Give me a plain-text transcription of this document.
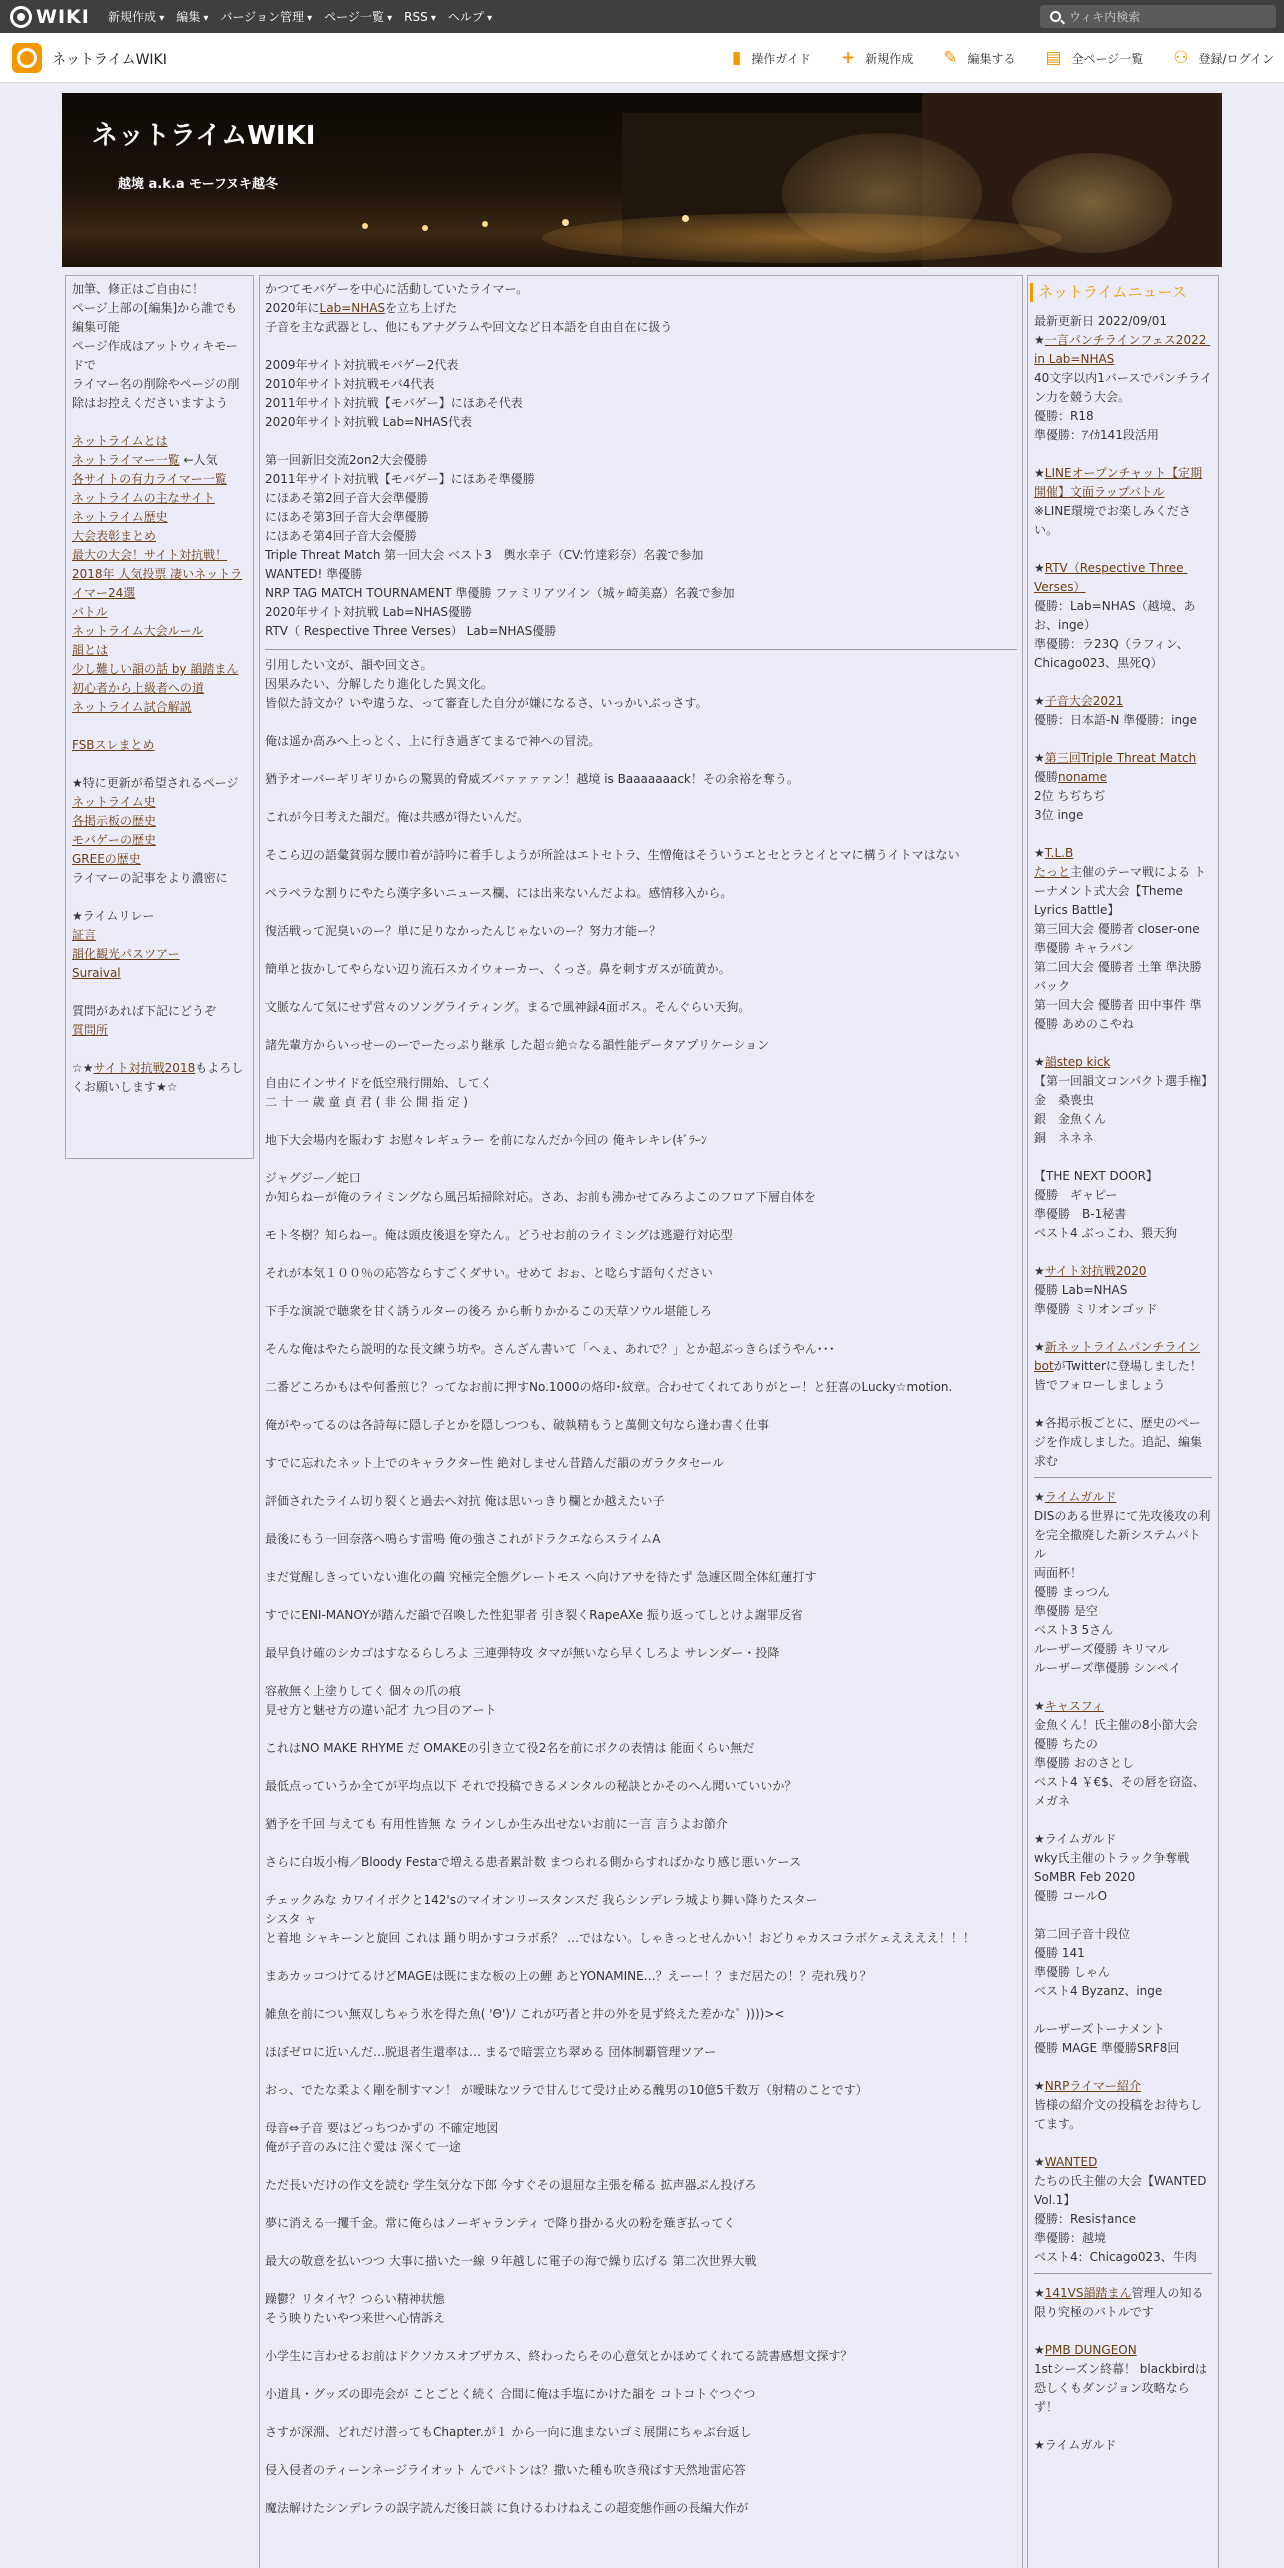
WIKI 新規作成 ▾	編集 ▾	バージョン管理 ▾	ページ一覧 ▾	RSS ▾	ヘルプ ▾
ウィキ内検索
ネットライムWIKI	▮ 操作ガイド + 新規作成 ✎ 編集する ▤ 全ページ一覧 ⚇ 登録/ログイン
ネットライムWIKI
越境 a.k.a モーフヌキ越冬
加筆、修正はご自由に！
ページ上部の[編集]から誰でも編集可能
ページ作成はアットウィキモードで
ライマー名の削除やページの削除はお控えくださいますよう
ネットライムとは
ネットライマー一覧 ←人気
各サイトの有力ライマー一覧
ネットライムの主なサイト
ネットライム歴史
大会表彰まとめ
最大の大会！サイト対抗戦！
2018年 人気投票 凄いネットライマー24選
バトル
ネットライム大会ルール
韻とは
少し難しい韻の話 by 韻踏まん
初心者から上級者への道
ネットライム試合解説
FSBスレまとめ
★特に更新が希望されるページ
ネットライム史
各掲示板の歴史
モバゲーの歴史
GREEの歴史
ライマーの記事をより濃密に
★ライムリレー
証言
韻化観光パスツアー
Suraival
質問があれば下記にどうぞ
質問所
☆★サイト対抗戦2018もよろしくお願いします★☆
かつてモバゲーを中心に活動していたライマー。
2020年にLab=NHASを立ち上げた
子音を主な武器とし、他にもアナグラムや回文など日本語を自由自在に扱う
2009年サイト対抗戦モバゲー2代表
2010年サイト対抗戦モバ4代表
2011年サイト対抗戦【モバゲー】にほあそ代表
2020年サイト対抗戦 Lab=NHAS代表
第一回新旧交流2on2大会優勝
2011年サイト対抗戦【モバゲー】にほあそ準優勝
にほあそ第2回子音大会準優勝
にほあそ第3回子音大会準優勝
にほあそ第4回子音大会優勝
Triple Threat Match 第一回大会 ベスト3　輿水幸子（CV:竹達彩奈）名義で参加
WANTED! 準優勝
NRP TAG MATCH TOURNAMENT 準優勝 ファミリアツイン（城ヶ崎美嘉）名義で参加
2020年サイト対抗戦 Lab=NHAS優勝
RTV（ Respective Three Verses） Lab=NHAS優勝
引用したい文が、韻や回文さ。
因果みたい、分解したり進化した異文化。
皆似た詩文か？いや違うな、って審査した自分が嫌になるさ、いっかいぶっさす。
俺は遥か高みへ上っとく、上に行き過ぎてまるで神への冒涜。
猶予オーバーギリギリからの驚異的脅威ズバァァァァン！越境 is Baaaaaaack！その余裕を奪う。
これが今日考えた韻だ。俺は共感が得たいんだ。
そこら辺の語彙貧弱な腰巾着が詩吟に着手しようが所詮はエトセトラ、生憎俺はそういうエとセとラとイとマに構うイトマはない
ペラペラな割りにやたら漢字多いニュース欄、には出来ないんだよね。感情移入から。
復活戦って泥臭いのー？単に足りなかったんじゃないのー？努力才能ー？
簡単と抜かしてやらない辺り流石スカイウォーカー、くっさ。鼻を刺すガスが硫黄か。
文脈なんて気にせず営々のソングライティング。まるで風神録4面ボス。そんぐらい天狗。
諸先輩方からいっせーのーでーたっぷり継承 した超☆絶☆なる韻性能データアプリケーション
自由にインサイドを低空飛行開始、してく
二 十 一 歳 童 貞 君 ( 非 公 開 指 定 )
地下大会場内を賑わす お慰々レギュラー を前になんだか今回の 俺キレキレ(ｷﾞﾗｰﾝ
ジャグジー／蛇口
か知らねーが俺のライミングなら風呂垢掃除対応。さあ、お前も沸かせてみろよこのフロア下層自体を
モト冬樹？知らねー。俺は頭皮後退を穿たん。どうせお前のライミングは逃避行対応型
それが本気１００％の応答ならすごくダサい。せめて おぉ、と唸らす語句ください
下手な演説で聴衆を甘く誘うルターの後ろ から斬りかかるこの天草ソウル堪能しろ
そんな俺はやたら説明的な長文練う坊や。さんざん書いて「へぇ、あれで？」とか超ぶっきらぼうやん･･･
二番どころかもはや何番煎じ？ってなお前に押すNo.1000の烙印･紋章。合わせてくれてありがとー！と狂喜のLucky☆motion.
俺がやってるのは各詩毎に隠し子とかを隠しつつも、破執精もうと萬側文句なら逢わ書く仕事
すでに忘れたネット上でのキャラクター性 絶対しません昔踏んだ韻のガラクタセール
評価されたライム切り裂くと過去へ対抗 俺は思いっきり欄とか越えたい子
最後にもう一回奈落へ鳴らす雷鳴 俺の強さこれがドラクエならスライムA
まだ覚醒しきっていない進化の繭 究極完全態グレートモス へ向けアサを待たず 急遽区間全体紅蓮打す
すでにENI-MANOYが踏んだ韻で召喚した性犯罪者 引き裂くRapeAXe 振り返ってしとけよ謝罪反省
最早負け確のシカゴはすなるらしろよ 三連弾特攻 タマが無いなら早くしろよ サレンダー・投降
容赦無く上塗りしてく 個々の爪の痕
見せ方と魅せ方の違い記才 九つ目のアート
これはNO MAKE RHYME だ OMAKEの引き立て役2名を前にボクの表情は 能面くらい無だ
最低点っていうか全てが平均点以下 それで投稿できるメンタルの秘訣とかそのへん聞いていいか？
猶予を千回 与えても 有用性皆無 な ラインしか生み出せないお前に一言 言うよお節介
さらに白坂小梅／Bloody Festaで増える患者累計数 まつられる側からすればかなり感じ悪いケース
チェックみな カワイイボクと142'sのマイオンリースタンスだ 我らシンデレラ城より舞い降りたスター
シスタ ャ
と着地 シャキーンと旋回 これは 踊り明かすコラボ系？ …ではない。しゃきっとせんかい！おどりゃカスコラボケェええええ！！！
まあカッコつけてるけどMAGEは既にまな板の上の鯉 あとYONAMINE…？えーー！？まだ居たの！？売れ残り？
雑魚を前につい無双しちゃう氷を得た魚( 'Θ')ﾉ これが巧者と井の外を見ず終えた差かなﾟ ))))><
ほぼゼロに近いんだ…脱退者生還率は… まるで暗雲立ち翠める 団体制覇管理ツアー
おっ、でたな柔よく剛を制すマン！ が曖昧なツラで甘んじて受け止める醜男の10億5千数万（射精のことです）
母音⇔子音 要はどっちつかずの 不確定地図
俺が子音のみに注ぐ愛は 深くて一途
ただ長いだけの作文を読む 学生気分な下郎 今すぐその退屈な主張を稀る 拡声器ぶん投げろ
夢に消える一攫千金。常に俺らはノーギャランティ で降り掛かる火の粉を薙ぎ払ってく
最大の敬意を払いつつ 大事に描いた一線 ９年越しに電子の海で繰り広げる 第二次世界大戦
躁鬱？リタイヤ？つらい精神状態
そう映りたいやつ来世へ心情訴え
小学生に言わせるお前はドクソカスオブザカス、終わったらその心意気とかほめてくれてる読書感想文探す？
小道具・グッズの即売会が ことごとく続く 合間に俺は手塩にかけた韻を コトコトぐつぐつ
さすが深淵、どれだけ潜ってもChapter.が１ から一向に進まないゴミ展開にちゃぶ台返し
侵入侵者のティーンネージライオット んでバトンは？撒いた種も吹き飛ばす天然地雷応答
魔法解けたシンデレラの誤字読んだ後日談 に負けるわけねえこの超変態作画の長編大作が
ネットライムニュース
最新更新日 2022/09/01
★一言パンチラインフェス2022 in Lab=NHAS
40文字以内1バースでパンチライン力を競う大会。
優勝：R18
準優勝：ｱｲｶ141段活用
★LINEオープンチャット【定期開催】文面ラップバトル
※LINE環境でお楽しみください。
★RTV（Respective Three Verses）
優勝：Lab=NHAS（越境、あお、inge）
準優勝：ラ23Q（ラフィン、Chicago023、黒死Q）
★子音大会2021
優勝：日本語-N 準優勝：inge
★第三回Triple Threat Match
優勝noname
2位 ちぢちぢ
3位 inge
★T.L.B
たっと主催のテーマ戦による トーナメント式大会【Theme Lyrics Battle】
第三回大会 優勝者 closer-one 準優勝 キャラバン
第二回大会 優勝者 土筆 準決勝 バック
第一回大会 優勝者 田中事件 準優勝 あめのこやね
★韻step kick
【第一回韻文コンパクト選手権】
金　桑喪虫
銀　金魚くん
銅　ネネネ
【THE NEXT DOOR】
優勝　ギャピー
準優勝　B-1秘書
ベスト4 ぶっこわ、猥天狗
★サイト対抗戦2020
優勝 Lab=NHAS
準優勝 ミリオンゴッド
★新ネットライムパンチラインbotがTwitterに登場しました！皆でフォローしましょう
★各掲示板ごとに、歴史のページを作成しました。追記、編集求む
★ライムガルド
DISのある世界にて先攻後攻の利を完全撤廃した新システムバトル
両面杯！
優勝 まっつん
準優勝 是空
ベスト3 5さん
ルーザーズ優勝 キリマル
ルーザーズ準優勝 シンペイ
★キャスフィ
金魚くん！氏主催の8小節大会
優勝 ちたの
準優勝 おのさとし
ベスト4 ￥€$、その唇を窃盗、メガネ
★ライムガルド
wky氏主催のトラック争奪戦 SoMBR Feb 2020
優勝 コールO
第二回子音十段位
優勝 141
準優勝 しゃん
ベスト4 Byzanz、inge
ルーザーズトーナメント
優勝 MAGE 準優勝SRF8回
★NRPライマー紹介
皆様の紹介文の投稿をお待ちしてます。
★WANTED
たちの氏主催の大会【WANTED Vol.1】
優勝：Resis†ance
準優勝：越境
ベスト4：Chicago023、牛肉
★141VS韻踏まん管理人の知る限り究極のバトルです
★PMB DUNGEON
1stシーズン終幕！ blackbirdは恐しくもダンジョン攻略ならず！
★ライムガルド
